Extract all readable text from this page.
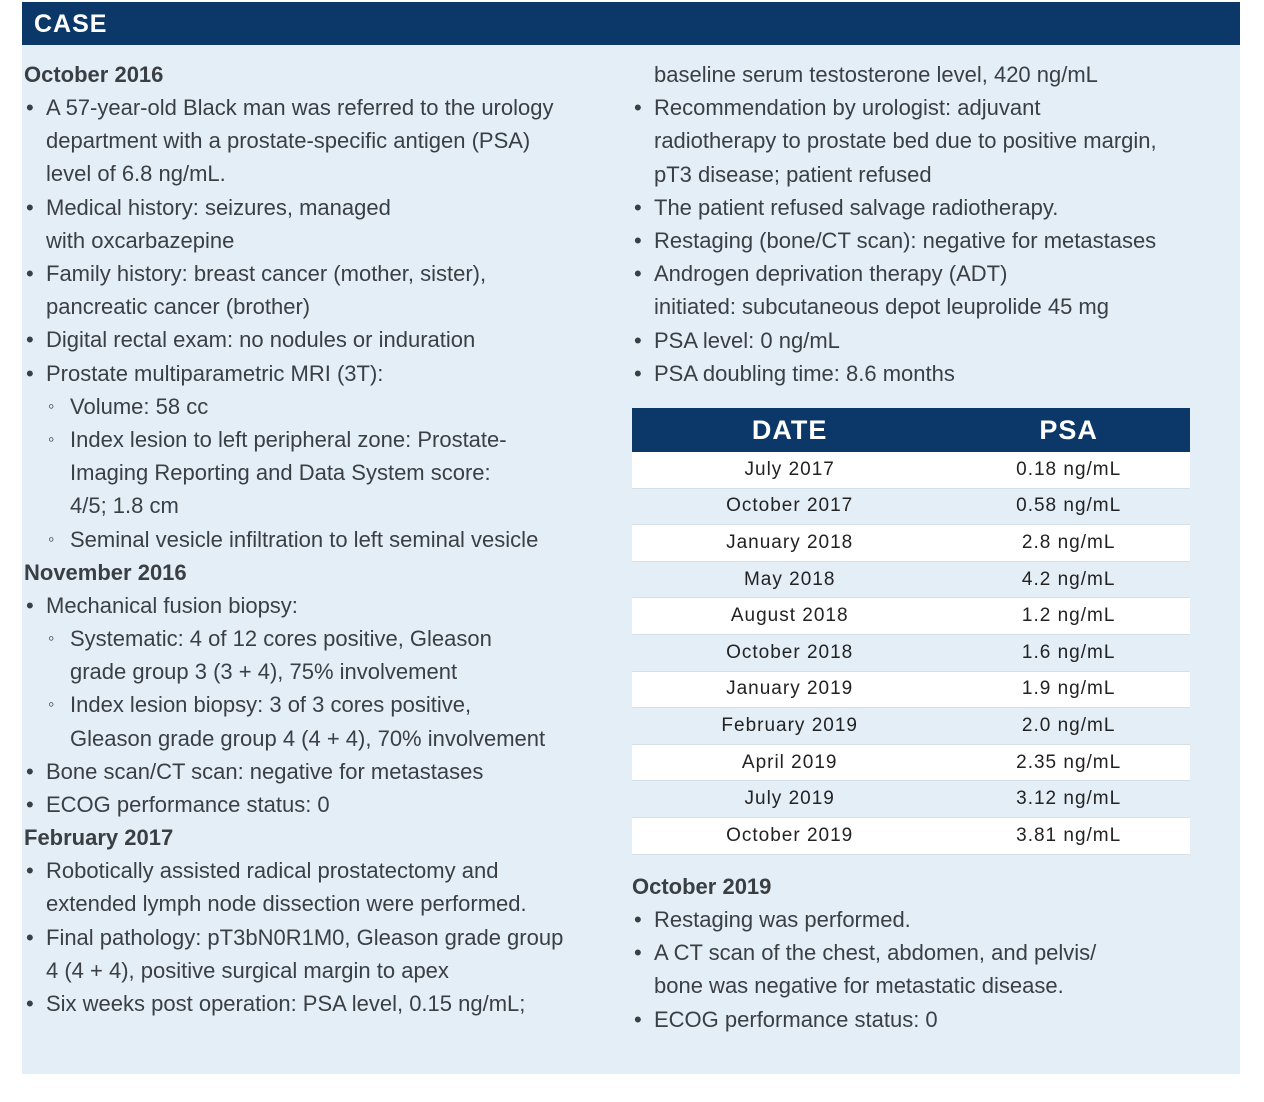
CASE
October 2016
• A 57-year-old Black man was referred to the urology
department with a prostate-specific antigen (PSA)
level of 6.8 ng/mL.
• Medical history: seizures, managed
with oxcarbazepine
• Family history: breast cancer (mother, sister),
pancreatic cancer (brother)
• Digital rectal exam: no nodules or induration
• Prostate multiparametric MRI (3T):
◦ Volume: 58 cc
◦ Index lesion to left peripheral zone: Prostate-
Imaging Reporting and Data System score:
4/5; 1.8 cm
◦ Seminal vesicle infiltration to left seminal vesicle
November 2016
• Mechanical fusion biopsy:
◦ Systematic: 4 of 12 cores positive, Gleason
grade group 3 (3 + 4), 75% involvement
◦ Index lesion biopsy: 3 of 3 cores positive,
Gleason grade group 4 (4 + 4), 70% involvement
• Bone scan/CT scan: negative for metastases
• ECOG performance status: 0
February 2017
• Robotically assisted radical prostatectomy and
extended lymph node dissection were performed.
• Final pathology: pT3bN0R1M0, Gleason grade group
4 (4 + 4), positive surgical margin to apex
• Six weeks post operation: PSA level, 0.15 ng/mL;
baseline serum testosterone level, 420 ng/mL
• Recommendation by urologist: adjuvant
radiotherapy to prostate bed due to positive margin,
pT3 disease; patient refused
• The patient refused salvage radiotherapy.
• Restaging (bone/CT scan): negative for metastases
• Androgen deprivation therapy (ADT)
initiated: subcutaneous depot leuprolide 45 mg
• PSA level: 0 ng/mL
• PSA doubling time: 8.6 months
DATE	PSA
July 2017	0.18 ng/mL
October 2017	0.58 ng/mL
January 2018	2.8 ng/mL
May 2018	4.2 ng/mL
August 2018	1.2 ng/mL
October 2018	1.6 ng/mL
January 2019	1.9 ng/mL
February 2019	2.0 ng/mL
April 2019	2.35 ng/mL
July 2019	3.12 ng/mL
October 2019	3.81 ng/mL
October 2019
• Restaging was performed.
• A CT scan of the chest, abdomen, and pelvis/
bone was negative for metastatic disease.
• ECOG performance status: 0
